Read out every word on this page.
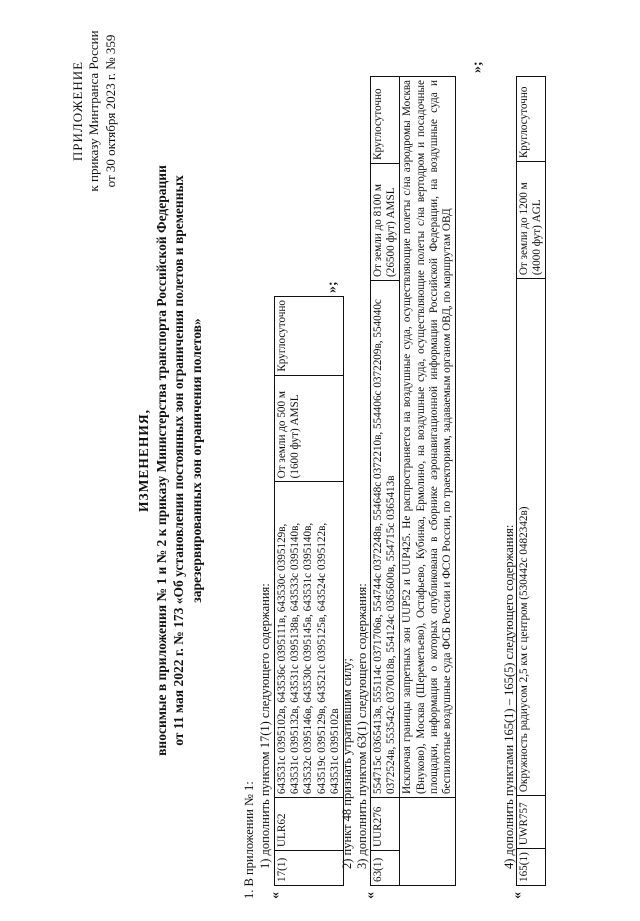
ПРИЛОЖЕНИЕ к приказу Минтранса России от 30 октября 2023 г. № 359
ИЗМЕНЕНИЯ, вносимые в приложения № 1 и № 2 к приказу Министерства транспорта Российской Федерации от 11 мая 2022 г. № 173 «Об установлении постоянных зон ограничения полетов и временных зарезервированных зон ограничения полетов»
1. В приложении № 1: 1) дополнить пунктом 17(1) следующего содержания:
«
17(1)	ULR62	643531с 0395102в, 643536с 0395111в, 643530с 0395129в, 643531с 0395132в, 643531с 0395138в, 643533с 0395140в, 643532с 0395146в, 643530с 0395145в, 643531с 0395140в, 643519с 0395129в, 643521с 0395125в, 643524с 0395122в, 643531с 0395102в	От земли до 500 м (1600 фут) AMSL	Круглосуточно
»;
2) пункт 48 признать утратившим силу; 3) дополнить пунктом 63(1) следующего содержания:
«
63(1)	UUR276	554715с 0365413в, 555114с 0371706в, 554744с 0372248в, 554648с 0372210в, 554406с 0372209в, 554040с 0372524в, 553542с 0370018в, 554124с 0365600в, 554715с 0365413в	От земли до 8100 м (26500 фут) AMSL	Круглосуточно
		Исключая границы запретных зон UUP52 и UUP425. Не распространяется на воздушные суда, осуществляющие полеты с/на аэродромы Москва (Внуково), Москва (Шереметьево), Остафьево, Кубинка, Ермолино, на воздушные суда, осуществляющие полеты с/на вертодром и посадочные площадки, информация о которых опубликована в сборнике аэронавигационной информации Российской Федерации, на воздушные суда и беспилотные воздушные суда ФСБ России и ФСО России, по траекториям, задаваемым органом ОВД, по маршрутам ОВД		
»;
4) дополнить пунктами 165(1) – 165(5) следующего содержания:
«
165(1)	UWR757	Окружность радиусом 2,5 км с центром (530442с 0482342в)	От земли до 1200 м (4000 фут) AGL	Круглосуточно
